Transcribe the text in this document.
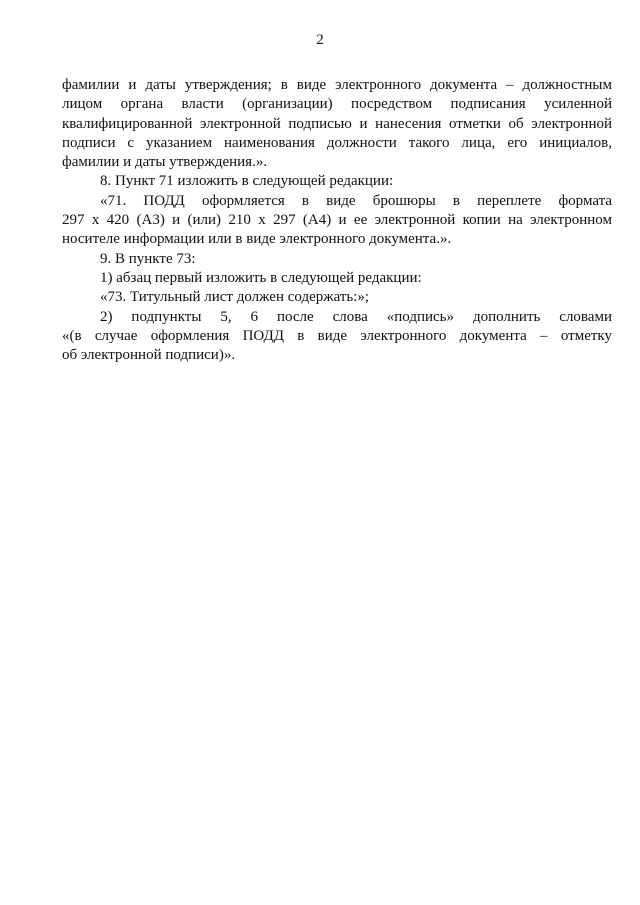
2

фамилии и даты утверждения; в виде электронного документа – должностным
лицом органа власти (организации) посредством подписания усиленной
квалифицированной электронной подписью и нанесения отметки об электронной
подписи с указанием наименования должности такого лица, его инициалов,
фамилии и даты утверждения.».

8. Пункт 71 изложить в следующей редакции:

«71. ПОДД оформляется в виде брошюры в переплете формата
297 x 420 (А3) и (или) 210 x 297 (А4) и ее электронной копии на электронном
носителе информации или в виде электронного документа.».

9. В пункте 73:

1) абзац первый изложить в следующей редакции:

«73. Титульный лист должен содержать:»;

2) подпункты 5, 6 после слова «подпись» дополнить словами
«(в случае оформления ПОДД в виде электронного документа – отметку
об электронной подписи)».
